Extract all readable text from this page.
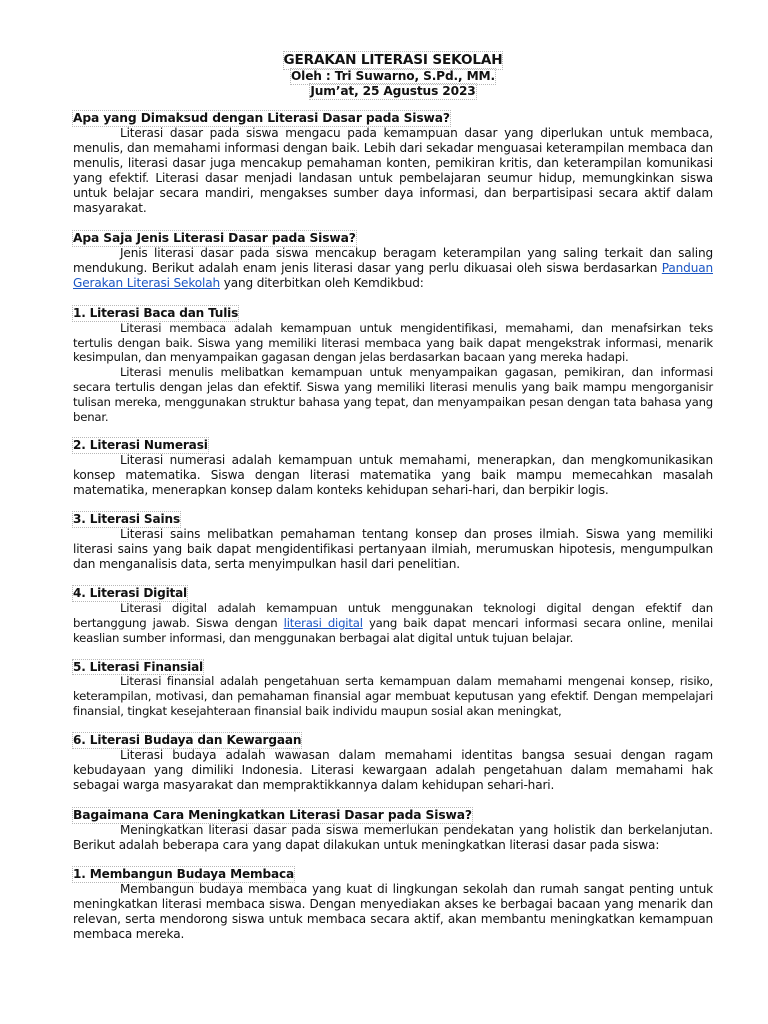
GERAKAN LITERASI SEKOLAH
Oleh : Tri Suwarno, S.Pd., MM.
Jum’at, 25 Agustus 2023
Apa yang Dimaksud dengan Literasi Dasar pada Siswa?

Literasi dasar pada siswa mengacu pada kemampuan dasar yang diperlukan untuk membaca, menulis, dan memahami informasi dengan baik. Lebih dari sekadar menguasai keterampilan membaca dan menulis, literasi dasar juga mencakup pemahaman konten, pemikiran kritis, dan keterampilan komunikasi yang efektif. Literasi dasar menjadi landasan untuk pembelajaran seumur hidup, memungkinkan siswa untuk belajar secara mandiri, mengakses sumber daya informasi, dan berpartisipasi secara aktif dalam masyarakat.

Apa Saja Jenis Literasi Dasar pada Siswa?

Jenis literasi dasar pada siswa mencakup beragam keterampilan yang saling terkait dan saling mendukung. Berikut adalah enam jenis literasi dasar yang perlu dikuasai oleh siswa berdasarkan Panduan Gerakan Literasi Sekolah yang diterbitkan oleh Kemdikbud:

1. Literasi Baca dan Tulis

Literasi membaca adalah kemampuan untuk mengidentifikasi, memahami, dan menafsirkan teks tertulis dengan baik. Siswa yang memiliki literasi membaca yang baik dapat mengekstrak informasi, menarik kesimpulan, dan menyampaikan gagasan dengan jelas berdasarkan bacaan yang mereka hadapi.

Literasi menulis melibatkan kemampuan untuk menyampaikan gagasan, pemikiran, dan informasi secara tertulis dengan jelas dan efektif. Siswa yang memiliki literasi menulis yang baik mampu mengorganisir tulisan mereka, menggunakan struktur bahasa yang tepat, dan menyampaikan pesan dengan tata bahasa yang benar.

2. Literasi Numerasi

Literasi numerasi adalah kemampuan untuk memahami, menerapkan, dan mengkomunikasikan konsep matematika. Siswa dengan literasi matematika yang baik mampu memecahkan masalah matematika, menerapkan konsep dalam konteks kehidupan sehari-hari, dan berpikir logis.

3. Literasi Sains

Literasi sains melibatkan pemahaman tentang konsep dan proses ilmiah. Siswa yang memiliki literasi sains yang baik dapat mengidentifikasi pertanyaan ilmiah, merumuskan hipotesis, mengumpulkan dan menganalisis data, serta menyimpulkan hasil dari penelitian.

4. Literasi Digital

Literasi digital adalah kemampuan untuk menggunakan teknologi digital dengan efektif dan bertanggung jawab. Siswa dengan literasi digital yang baik dapat mencari informasi secara online, menilai keaslian sumber informasi, dan menggunakan berbagai alat digital untuk tujuan belajar.

5. Literasi Finansial

Literasi finansial adalah pengetahuan serta kemampuan dalam memahami mengenai konsep, risiko, keterampilan, motivasi, dan pemahaman finansial agar membuat keputusan yang efektif. Dengan mempelajari finansial, tingkat kesejahteraan finansial baik individu maupun sosial akan meningkat,

6. Literasi Budaya dan Kewargaan

Literasi budaya adalah wawasan dalam memahami identitas bangsa sesuai dengan ragam kebudayaan yang dimiliki Indonesia. Literasi kewargaan adalah pengetahuan dalam memahami hak sebagai warga masyarakat dan mempraktikkannya dalam kehidupan sehari-hari.

Bagaimana Cara Meningkatkan Literasi Dasar pada Siswa?

Meningkatkan literasi dasar pada siswa memerlukan pendekatan yang holistik dan berkelanjutan. Berikut adalah beberapa cara yang dapat dilakukan untuk meningkatkan literasi dasar pada siswa:

1. Membangun Budaya Membaca

Membangun budaya membaca yang kuat di lingkungan sekolah dan rumah sangat penting untuk meningkatkan literasi membaca siswa. Dengan menyediakan akses ke berbagai bacaan yang menarik dan relevan, serta mendorong siswa untuk membaca secara aktif, akan membantu meningkatkan kemampuan membaca mereka.
